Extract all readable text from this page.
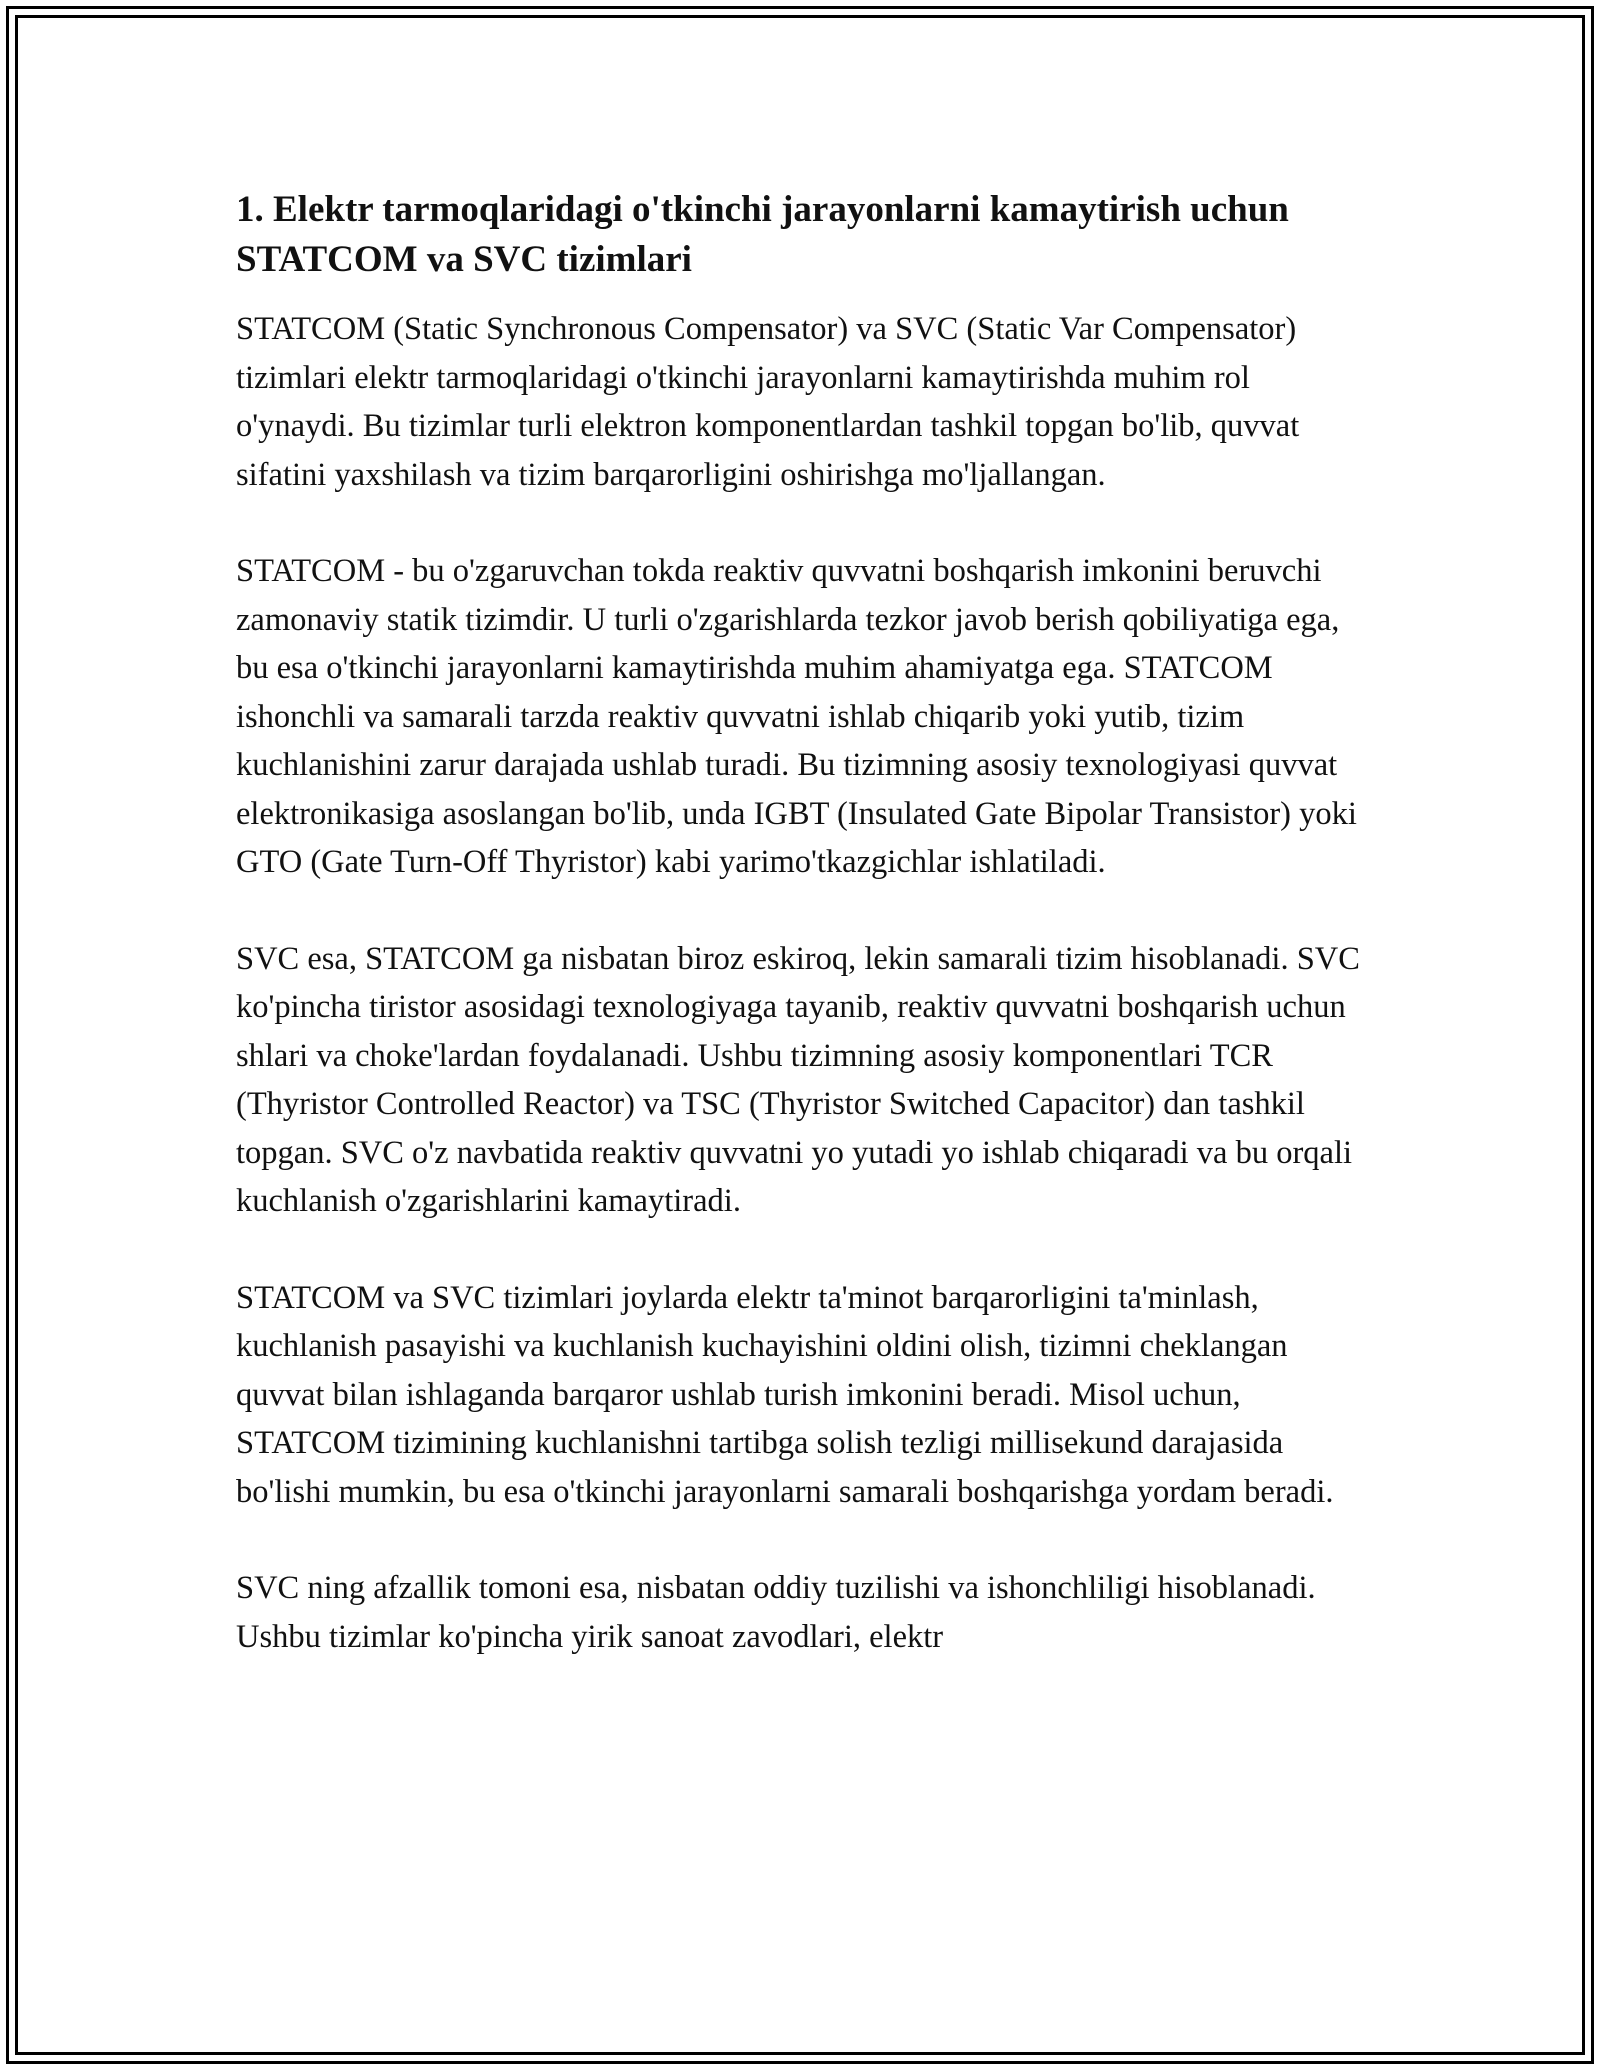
1. Elektr tarmoqlaridagi o'tkinchi jarayonlarni kamaytirish uchun STATCOM va SVC tizimlari

STATCOM (Static Synchronous Compensator) va SVC (Static Var Compensator) tizimlari elektr tarmoqlaridagi o'tkinchi jarayonlarni kamaytirishda muhim rol o'ynaydi. Bu tizimlar turli elektron komponentlardan tashkil topgan bo'lib, quvvat sifatini yaxshilash va tizim barqarorligini oshirishga mo'ljallangan.

STATCOM - bu o'zgaruvchan tokda reaktiv quvvatni boshqarish imkonini beruvchi zamonaviy statik tizimdir. U turli o'zgarishlarda tezkor javob berish qobiliyatiga ega, bu esa o'tkinchi jarayonlarni kamaytirishda muhim ahamiyatga ega. STATCOM ishonchli va samarali tarzda reaktiv quvvatni ishlab chiqarib yoki yutib, tizim kuchlanishini zarur darajada ushlab turadi. Bu tizimning asosiy texnologiyasi quvvat elektronikasiga asoslangan bo'lib, unda IGBT (Insulated Gate Bipolar Transistor) yoki GTO (Gate Turn-Off Thyristor) kabi yarimo'tkazgichlar ishlatiladi.

SVC esa, STATCOM ga nisbatan biroz eskiroq, lekin samarali tizim hisoblanadi. SVC ko'pincha tiristor asosidagi texnologiyaga tayanib, reaktiv quvvatni boshqarish uchun shlari va choke'lardan foydalanadi. Ushbu tizimning asosiy komponentlari TCR (Thyristor Controlled Reactor) va TSC (Thyristor Switched Capacitor) dan tashkil topgan. SVC o'z navbatida reaktiv quvvatni yo yutadi yo ishlab chiqaradi va bu orqali kuchlanish o'zgarishlarini kamaytiradi.

STATCOM va SVC tizimlari joylarda elektr ta'minot barqarorligini ta'minlash, kuchlanish pasayishi va kuchlanish kuchayishini oldini olish, tizimni cheklangan quvvat bilan ishlaganda barqaror ushlab turish imkonini beradi. Misol uchun, STATCOM tizimining kuchlanishni tartibga solish tezligi millisekund darajasida bo'lishi mumkin, bu esa o'tkinchi jarayonlarni samarali boshqarishga yordam beradi.

SVC ning afzallik tomoni esa, nisbatan oddiy tuzilishi va ishonchliligi hisoblanadi. Ushbu tizimlar ko'pincha yirik sanoat zavodlari, elektr
